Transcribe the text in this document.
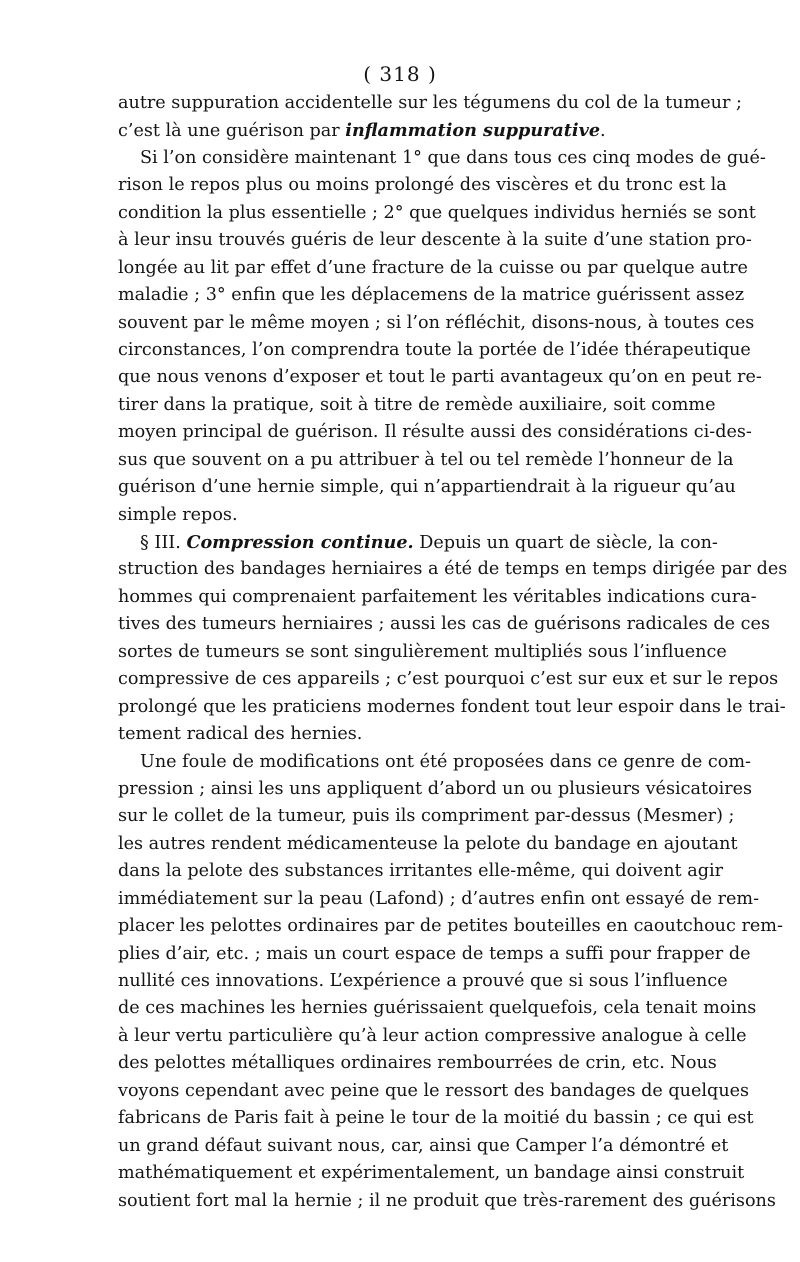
( 318 )
autre suppuration accidentelle sur les tégumens du col de la tumeur ;
c’est là une guérison par inflammation suppurative.
Si l’on considère maintenant 1° que dans tous ces cinq modes de gué-
rison le repos plus ou moins prolongé des viscères et du tronc est la
condition la plus essentielle ; 2° que quelques individus herniés se sont
à leur insu trouvés guéris de leur descente à la suite d’une station pro-
longée au lit par effet d’une fracture de la cuisse ou par quelque autre
maladie ; 3° enfin que les déplacemens de la matrice guérissent assez
souvent par le même moyen ; si l’on réfléchit, disons-nous, à toutes ces
circonstances, l’on comprendra toute la portée de l’idée thérapeutique
que nous venons d’exposer et tout le parti avantageux qu’on en peut re-
tirer dans la pratique, soit à titre de remède auxiliaire, soit comme
moyen principal de guérison. Il résulte aussi des considérations ci-des-
sus que souvent on a pu attribuer à tel ou tel remède l’honneur de la
guérison d’une hernie simple, qui n’appartiendrait à la rigueur qu’au
simple repos.
§ III. Compression continue. Depuis un quart de siècle, la con-
struction des bandages herniaires a été de temps en temps dirigée par des
hommes qui comprenaient parfaitement les véritables indications cura-
tives des tumeurs herniaires ; aussi les cas de guérisons radicales de ces
sortes de tumeurs se sont singulièrement multipliés sous l’influence
compressive de ces appareils ; c’est pourquoi c’est sur eux et sur le repos
prolongé que les praticiens modernes fondent tout leur espoir dans le trai-
tement radical des hernies.
Une foule de modifications ont été proposées dans ce genre de com-
pression ; ainsi les uns appliquent d’abord un ou plusieurs vésicatoires
sur le collet de la tumeur, puis ils compriment par-dessus (Mesmer) ;
les autres rendent médicamenteuse la pelote du bandage en ajoutant
dans la pelote des substances irritantes elle-même, qui doivent agir
immédiatement sur la peau (Lafond) ; d’autres enfin ont essayé de rem-
placer les pelottes ordinaires par de petites bouteilles en caoutchouc rem-
plies d’air, etc. ; mais un court espace de temps a suffi pour frapper de
nullité ces innovations. L’expérience a prouvé que si sous l’influence
de ces machines les hernies guérissaient quelquefois, cela tenait moins
à leur vertu particulière qu’à leur action compressive analogue à celle
des pelottes métalliques ordinaires rembourrées de crin, etc. Nous
voyons cependant avec peine que le ressort des bandages de quelques
fabricans de Paris fait à peine le tour de la moitié du bassin ; ce qui est
un grand défaut suivant nous, car, ainsi que Camper l’a démontré et
mathématiquement et expérimentalement, un bandage ainsi construit
soutient fort mal la hernie ; il ne produit que très-rarement des guérisons
